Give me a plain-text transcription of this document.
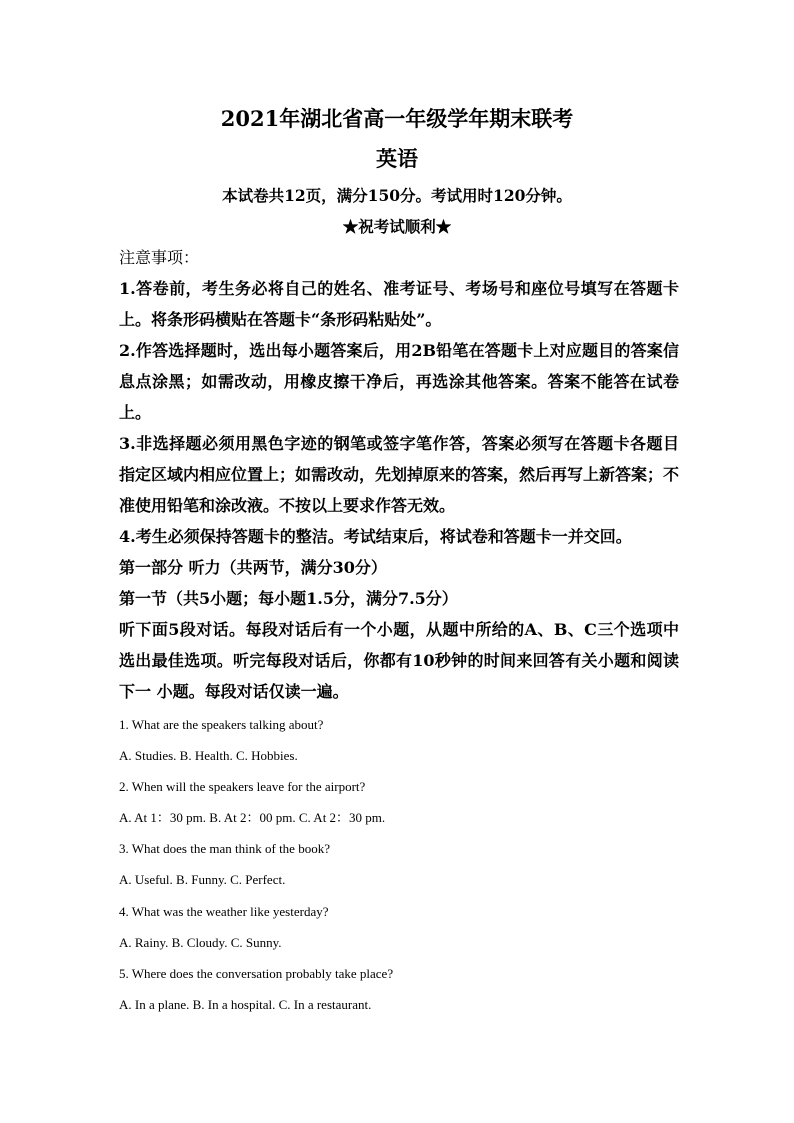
2021年湖北省高一年级学年期末联考
英语
本试卷共12页，满分150分。考试用时120分钟。
★祝考试顺利★
注意事项：
1.答卷前，考生务必将自己的姓名、准考证号、考场号和座位号填写在答题卡上。将条形码横贴在答题卡“条形码粘贴处”。
2.作答选择题时，选出每小题答案后，用2B铅笔在答题卡上对应题目的答案信息点涂黑；如需改动，用橡皮擦干净后，再选涂其他答案。答案不能答在试卷上。
3.非选择题必须用黑色字迹的钢笔或签字笔作答，答案必须写在答题卡各题目指定区域内相应位置上；如需改动，先划掉原来的答案，然后再写上新答案；不准使用铅笔和涂改液。不按以上要求作答无效。
4.考生必须保持答题卡的整洁。考试结束后，将试卷和答题卡一并交回。
第一部分 听力（共两节，满分30分）
第一节（共5小题；每小题1.5分，满分7.5分）
听下面5段对话。每段对话后有一个小题，从题中所给的A、B、C三个选项中选出最佳选项。听完每段对话后，你都有10秒钟的时间来回答有关小题和阅读下一 小题。每段对话仅读一遍。
1. What are the speakers talking about?
A. Studies. B. Health. C. Hobbies.
2. When will the speakers leave for the airport?
A. At 1：30 pm. B. At 2：00 pm. C. At 2：30 pm.
3. What does the man think of the book?
A. Useful. B. Funny. C. Perfect.
4. What was the weather like yesterday?
A. Rainy. B. Cloudy. C. Sunny.
5. Where does the conversation probably take place?
A. In a plane. B. In a hospital. C. In a restaurant.
